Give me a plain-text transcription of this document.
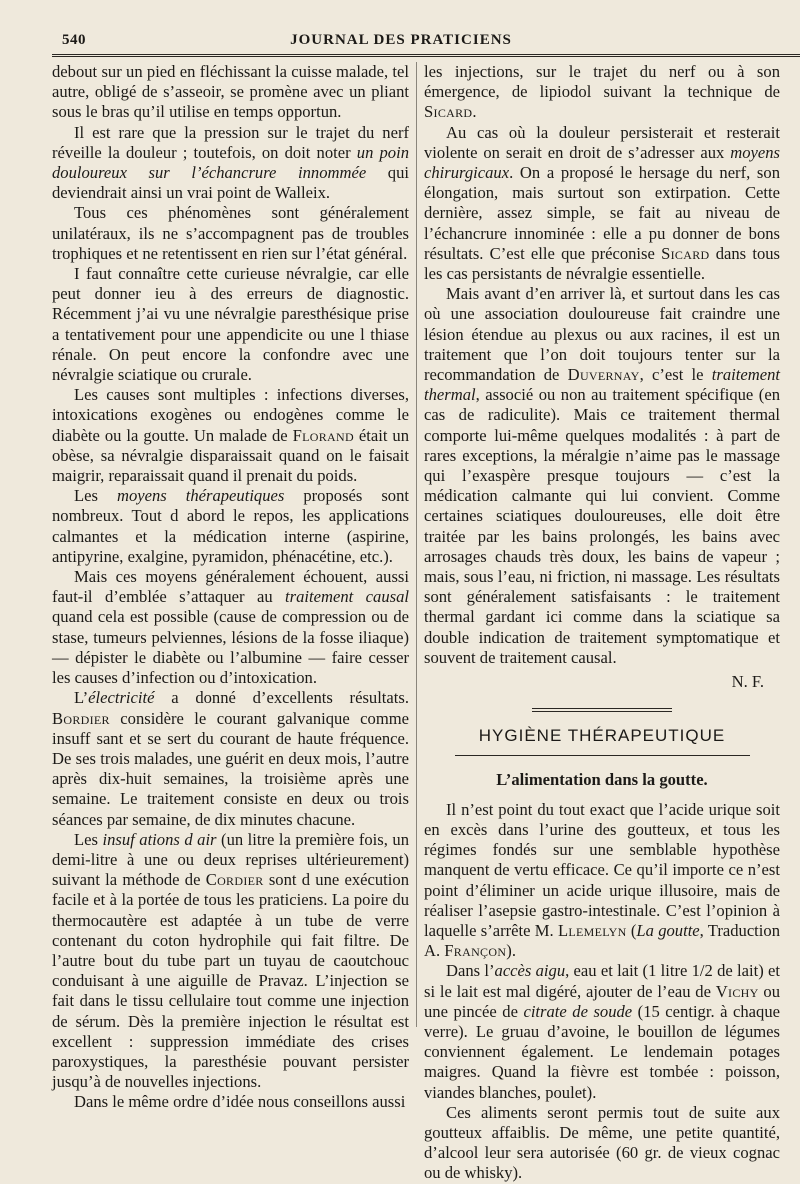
540	JOURNAL DES PRATICIENS

debout sur un pied en fléchissant la cuisse malade, tel autre, obligé de s’asseoir, se promène avec un pliant sous le bras qu’il utilise en temps opportun.

Il est rare que la pression sur le trajet du nerf réveille la douleur ; toutefois, on doit noter un poin douloureux sur l’échancrure innommée qui deviendrait ainsi un vrai point de Walleix.

Tous ces phénomènes sont généralement unilatéraux, ils ne s’accompagnent pas de troubles trophiques et ne retentissent en rien sur l’état général.

I faut connaître cette curieuse névralgie, car elle peut donner ieu à des erreurs de diagnostic. Récemment j’ai vu une névralgie paresthésique prise a tentativement pour une appendicite ou une l thiase rénale. On peut encore la confondre avec une névralgie sciatique ou crurale.

Les causes sont multiples : infections diverses, intoxications exogènes ou endogènes comme le diabète ou la goutte. Un malade de Florand était un obèse, sa névralgie disparaissait quand on le faisait maigrir, reparaissait quand il prenait du poids.

Les moyens thérapeutiques proposés sont nombreux. Tout d abord le repos, les applications calmantes et la médication interne (aspirine, antipyrine, exalgine, pyramidon, phénacétine, etc.).

Mais ces moyens généralement échouent, aussi faut-il d’emblée s’attaquer au traitement causal quand cela est possible (cause de compression ou de stase, tumeurs pelviennes, lésions de la fosse iliaque) — dépister le diabète ou l’albumine — faire cesser les causes d’infection ou d’intoxication.

L’électricité a donné d’excellents résultats. Bordier considère le courant galvanique comme insuff sant et se sert du courant de haute fréquence. De ses trois malades, une guérit en deux mois, l’autre après dix-huit semaines, la troisième après une semaine. Le traitement consiste en deux ou trois séances par semaine, de dix minutes chacune.

Les insuf ations d air (un litre la première fois, un demi-litre à une ou deux reprises ultérieurement) suivant la méthode de Cordier sont d une exécution facile et à la portée de tous les praticiens. La poire du thermocautère est adaptée à un tube de verre contenant du coton hydrophile qui fait filtre. De l’autre bout du tube part un tuyau de caoutchouc conduisant à une aiguille de Pravaz. L’injection se fait dans le tissu cellulaire tout comme une injection de sérum. Dès la première injection le résultat est excellent : suppression immédiate des crises paroxystiques, la paresthésie pouvant persister jusqu’à de nouvelles injections.

Dans le même ordre d’idée nous conseillons aussi

les injections, sur le trajet du nerf ou à son émergence, de lipiodol suivant la technique de Sicard.

Au cas où la douleur persisterait et resterait violente on serait en droit de s’adresser aux moyens chirurgicaux. On a proposé le hersage du nerf, son élongation, mais surtout son extirpation. Cette dernière, assez simple, se fait au niveau de l’échancrure innominée : elle a pu donner de bons résultats. C’est elle que préconise Sicard dans tous les cas persistants de névralgie essentielle.

Mais avant d’en arriver là, et surtout dans les cas où une association douloureuse fait craindre une lésion étendue au plexus ou aux racines, il est un traitement que l’on doit toujours tenter sur la recommandation de Duvernay, c’est le traitement thermal, associé ou non au traitement spécifique (en cas de radiculite). Mais ce traitement thermal comporte lui-même quelques modalités : à part de rares exceptions, la méralgie n’aime pas le massage qui l’exaspère presque toujours — c’est la médication calmante qui lui convient. Comme certaines sciatiques douloureuses, elle doit être traitée par les bains prolongés, les bains avec arrosages chauds très doux, les bains de vapeur ; mais, sous l’eau, ni friction, ni massage. Les résultats sont généralement satisfaisants : le traitement thermal gardant ici comme dans la sciatique sa double indication de traitement symptomatique et souvent de traitement causal.

N. F.
HYGIÈNE THÉRAPEUTIQUE
L’alimentation dans la goutte.

Il n’est point du tout exact que l’acide urique soit en excès dans l’urine des goutteux, et tous les régimes fondés sur une semblable hypothèse manquent de vertu efficace. Ce qu’il importe ce n’est point d’éliminer un acide urique illusoire, mais de réaliser l’asepsie gastro-intestinale. C’est l’opinion à laquelle s’arrête M. Llemelyn (La goutte, Traduction A. Françon).

Dans l’accès aigu, eau et lait (1 litre 1/2 de lait) et si le lait est mal digéré, ajouter de l’eau de Vichy ou une pincée de citrate de soude (15 centigr. à chaque verre). Le gruau d’avoine, le bouillon de légumes conviennent également. Le lendemain potages maigres. Quand la fièvre est tombée : poisson, viandes blanches, poulet).

Ces aliments seront permis tout de suite aux goutteux affaiblis. De même, une petite quantité, d’alcool leur sera autorisée (60 gr. de vieux cognac ou de whisky).
